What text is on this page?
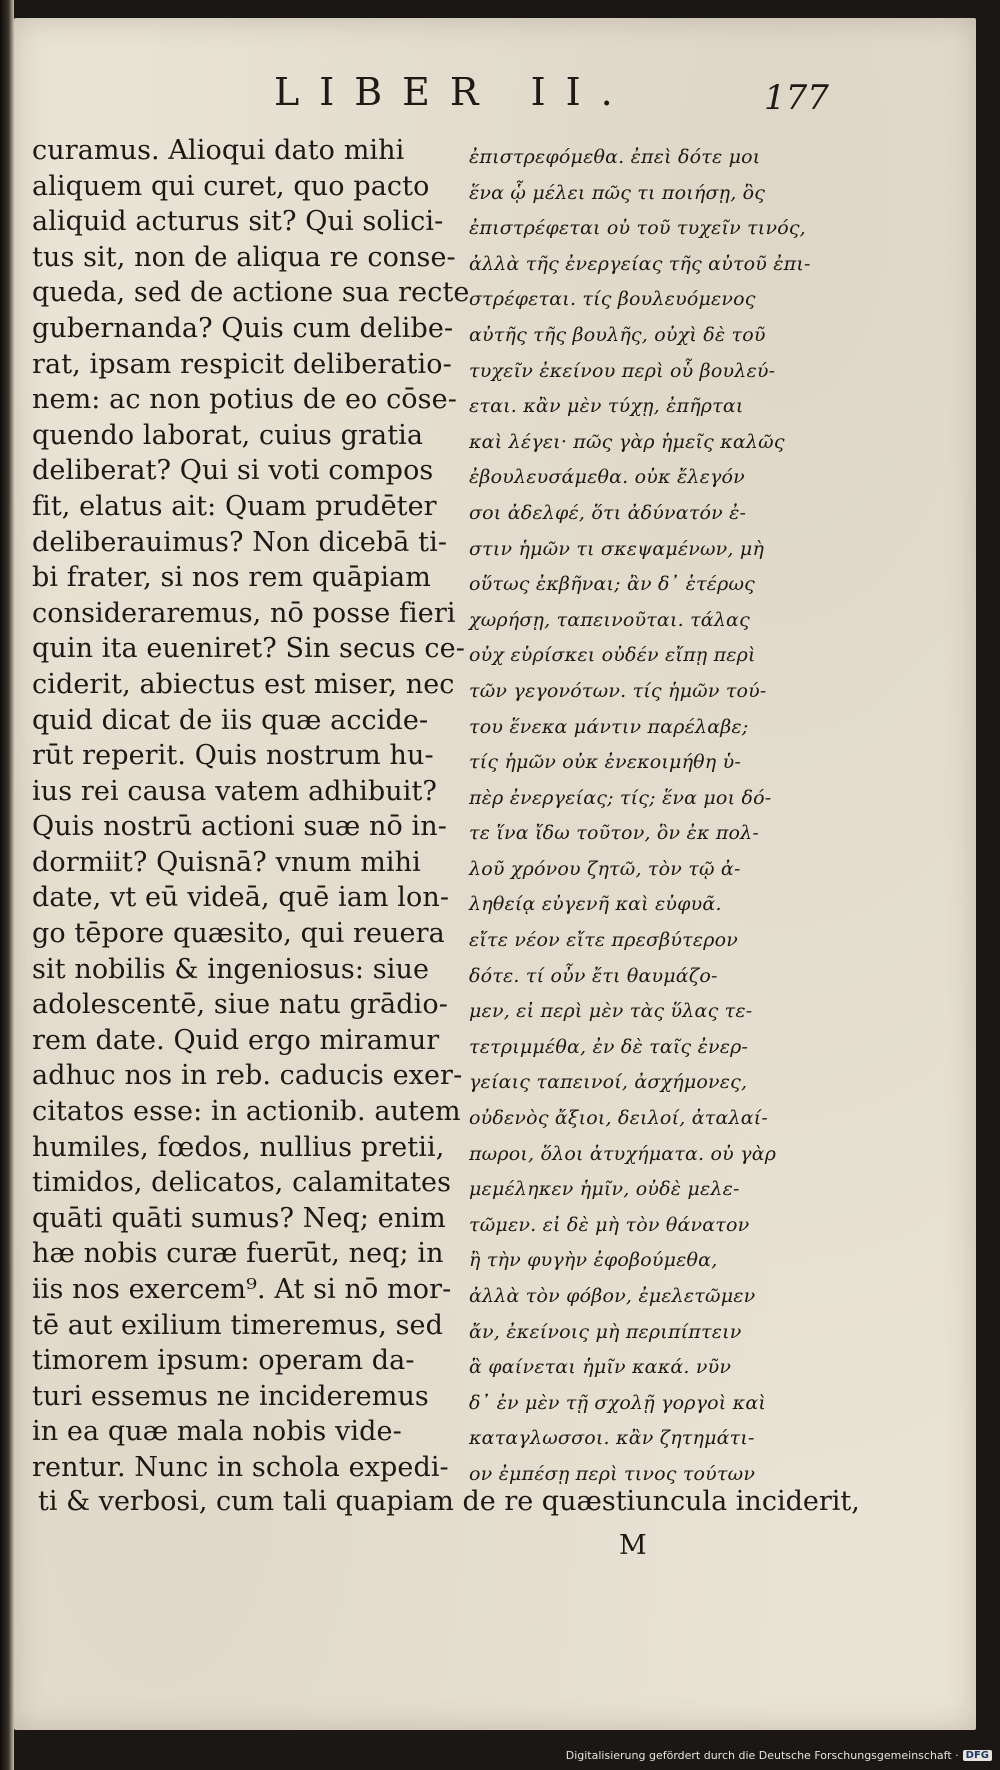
LIBER II.	177
curamus. Alioqui dato mihi
aliquem qui curet, quo pacto
aliquid acturus sit? Qui solici-
tus sit, non de aliqua re conse-
queda, sed de actione sua recte
gubernanda? Quis cum delibe-
rat, ipsam respicit deliberatio-
nem: ac non potius de eo cōse-
quendo laborat, cuius gratia
deliberat? Qui si voti compos
fit, elatus ait: Quam prudēter
deliberauimus? Non dicebā ti-
bi frater, si nos rem quāpiam
consideraremus, nō posse fieri
quin ita eueniret? Sin secus ce-
ciderit, abiectus est miser, nec
quid dicat de iis quæ accide-
rūt reperit. Quis nostrum hu-
ius rei causa vatem adhibuit?
Quis nostrū actioni suæ nō in-
dormiit? Quisnā? vnum mihi
date, vt eū videā, quē iam lon-
go tēpore quæsito, qui reuera
sit nobilis & ingeniosus: siue
adolescentē, siue natu grādio-
rem date. Quid ergo miramur
adhuc nos in reb. caducis exer-
citatos esse: in actionib. autem
humiles, fœdos, nullius pretii,
timidos, delicatos, calamitates
quāti quāti sumus? Neq; enim
hæ nobis curæ fuerūt, neq; in
iis nos exercem⁹. At si nō mor-
tē aut exilium timeremus, sed
timorem ipsum: operam da-
turi essemus ne incideremus
in ea quæ mala nobis vide-
rentur. Nunc in schola expedi-
ἐπιστρεφόμεθα. ἐπεὶ δότε μοι
ἕνα ᾧ μέλει πῶς τι ποιήσῃ, ὃς
ἐπιστρέφεται οὐ τοῦ τυχεῖν τινός,
ἀλλὰ τῆς ἐνεργείας τῆς αὐτοῦ ἐπι-
στρέφεται. τίς βουλευόμενος
αὐτῆς τῆς βουλῆς, οὐχὶ δὲ τοῦ
τυχεῖν ἐκείνου περὶ οὗ βουλεύ-
εται. κἂν μὲν τύχῃ, ἐπῆρται
καὶ λέγει· πῶς γὰρ ἡμεῖς καλῶς
ἐβουλευσάμεθα. οὐκ ἔλεγόν
σοι ἀδελφέ, ὅτι ἀδύνατόν ἐ-
στιν ἡμῶν τι σκεψαμένων, μὴ
οὕτως ἐκβῆναι; ἂν δ᾽ ἑτέρως
χωρήσῃ, ταπεινοῦται. τάλας
οὐχ εὑρίσκει οὐδέν εἴπῃ περὶ
τῶν γεγονότων. τίς ἡμῶν τού-
του ἕνεκα μάντιν παρέλαβε;
τίς ἡμῶν οὐκ ἐνεκοιμήθη ὑ-
πὲρ ἐνεργείας; τίς; ἕνα μοι δό-
τε ἵνα ἴδω τοῦτον, ὃν ἐκ πολ-
λοῦ χρόνου ζητῶ, τὸν τῷ ἀ-
ληθείᾳ εὐγενῆ καὶ εὐφυᾶ.
εἴτε νέον εἴτε πρεσβύτερον
δότε. τί οὖν ἔτι θαυμάζο-
μεν, εἰ περὶ μὲν τὰς ὕλας τε-
τετριμμέθα, ἐν δὲ ταῖς ἐνερ-
γείαις ταπεινοί, ἀσχήμονες,
οὐδενὸς ἄξιοι, δειλοί, ἀταλαί-
πωροι, ὅλοι ἀτυχήματα. οὐ γὰρ
μεμέληκεν ἡμῖν, οὐδὲ μελε-
τῶμεν. εἰ δὲ μὴ τὸν θάνατον
ἢ τὴν φυγὴν ἐφοβούμεθα,
ἀλλὰ τὸν φόβον, ἐμελετῶμεν
ἄν, ἐκείνοις μὴ περιπίπτειν
ἃ φαίνεται ἡμῖν κακά. νῦν
δ᾽ ἐν μὲν τῇ σχολῇ γοργοὶ καὶ
καταγλωσσοι. κἂν ζητημάτι-
ον ἐμπέσῃ περὶ τινος τούτων
ti & verbosi, cum tali quapiam de re quæstiuncula inciderit,
M
Digitalisierung gefördert durch die Deutsche Forschungsgemeinschaft · DFG
